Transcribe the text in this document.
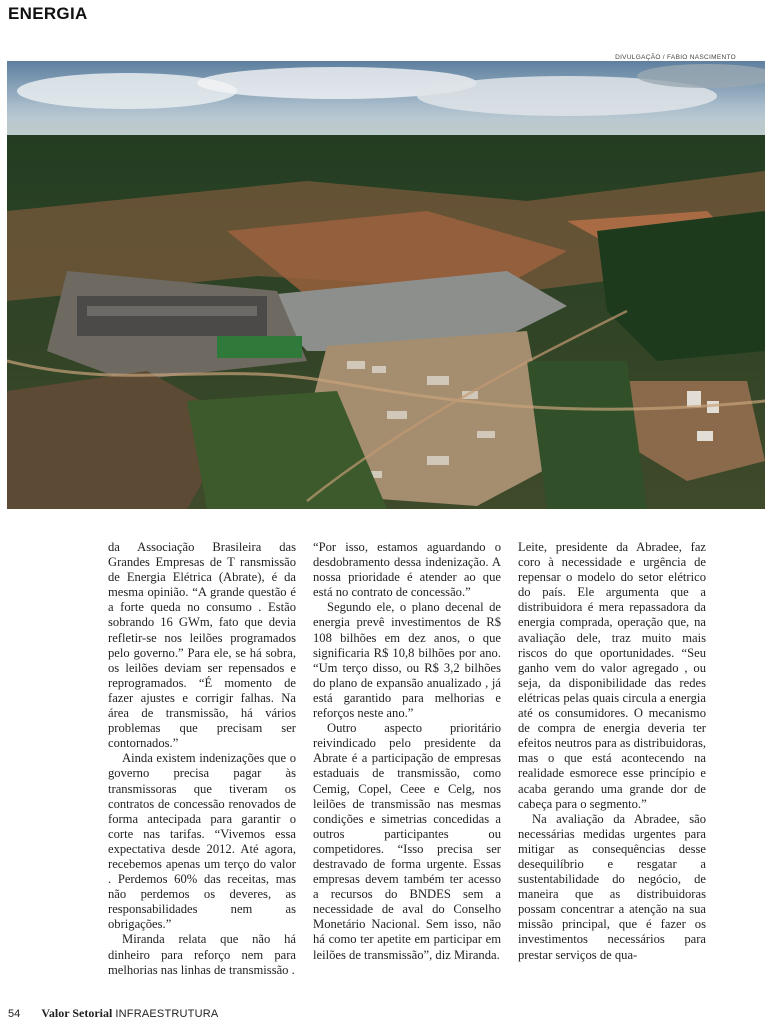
ENERGIA
DIVULGAÇÃO / FABIO NASCIMENTO

da Associação Brasileira das Grandes Empresas de T ransmissão de Energia Elétrica (Abrate), é da mesma opinião. “A grande questão é a forte queda no consumo . Estão sobrando 16 GWm, fato que devia refletir-se nos leilões programados pelo governo.” Para ele, se há sobra, os leilões deviam ser repensados e reprogramados. “É momento de fazer ajustes e corrigir falhas. Na área de transmissão, há vários problemas que precisam ser contornados.”

Ainda existem indenizações que o governo precisa pagar às transmissoras que tiveram os contratos de concessão renovados de forma antecipada para garantir o corte nas tarifas. “Vivemos essa expectativa desde 2012. Até agora, recebemos apenas um terço do valor . Perdemos 60% das receitas, mas não perdemos os deveres, as responsabilidades nem as obrigações.”

Miranda relata que não há dinheiro para reforço nem para melhorias nas linhas de transmissão .

“Por isso, estamos aguardando o desdobramento dessa indenização. A nossa prioridade é atender ao que está no contrato de concessão.”

Segundo ele, o plano decenal de energia prevê investimentos de R$ 108 bilhões em dez anos, o que significaria R$ 10,8 bilhões por ano. “Um terço disso, ou R$ 3,2 bilhões do plano de expansão anualizado , já está garantido para melhorias e reforços neste ano.”

Outro aspecto prioritário reivindicado pelo presidente da Abrate é a participação de empresas estaduais de transmissão, como Cemig, Copel, Ceee e Celg, nos leilões de transmissão nas mesmas condições e simetrias concedidas a outros participantes ou competidores. “Isso precisa ser destravado de forma urgente. Essas empresas devem também ter acesso a recursos do BNDES sem a necessidade de aval do Conselho Monetário Nacional. Sem isso, não há como ter apetite em participar em leilões de transmissão”, diz Miranda.

Leite, presidente da Abradee, faz coro à necessidade e urgência de repensar o modelo do setor elétrico do país. Ele argumenta que a distribuidora é mera repassadora da energia comprada, operação que, na avaliação dele, traz muito mais riscos do que oportunidades. “Seu ganho vem do valor agregado , ou seja, da disponibilidade das redes elétricas pelas quais circula a energia até os consumidores. O mecanismo de compra de energia deveria ter efeitos neutros para as distribuidoras, mas o que está acontecendo na realidade esmorece esse princípio e acaba gerando uma grande dor de cabeça para o segmento.”

Na avaliação da Abradee, são necessárias medidas urgentes para mitigar as consequências desse desequilíbrio e resgatar a sustentabilidade do negócio, de maneira que as distribuidoras possam concentrar a atenção na sua missão principal, que é fazer os investimentos necessários para prestar serviços de qua-

54 Valor Setorial INFRAESTRUTURA
